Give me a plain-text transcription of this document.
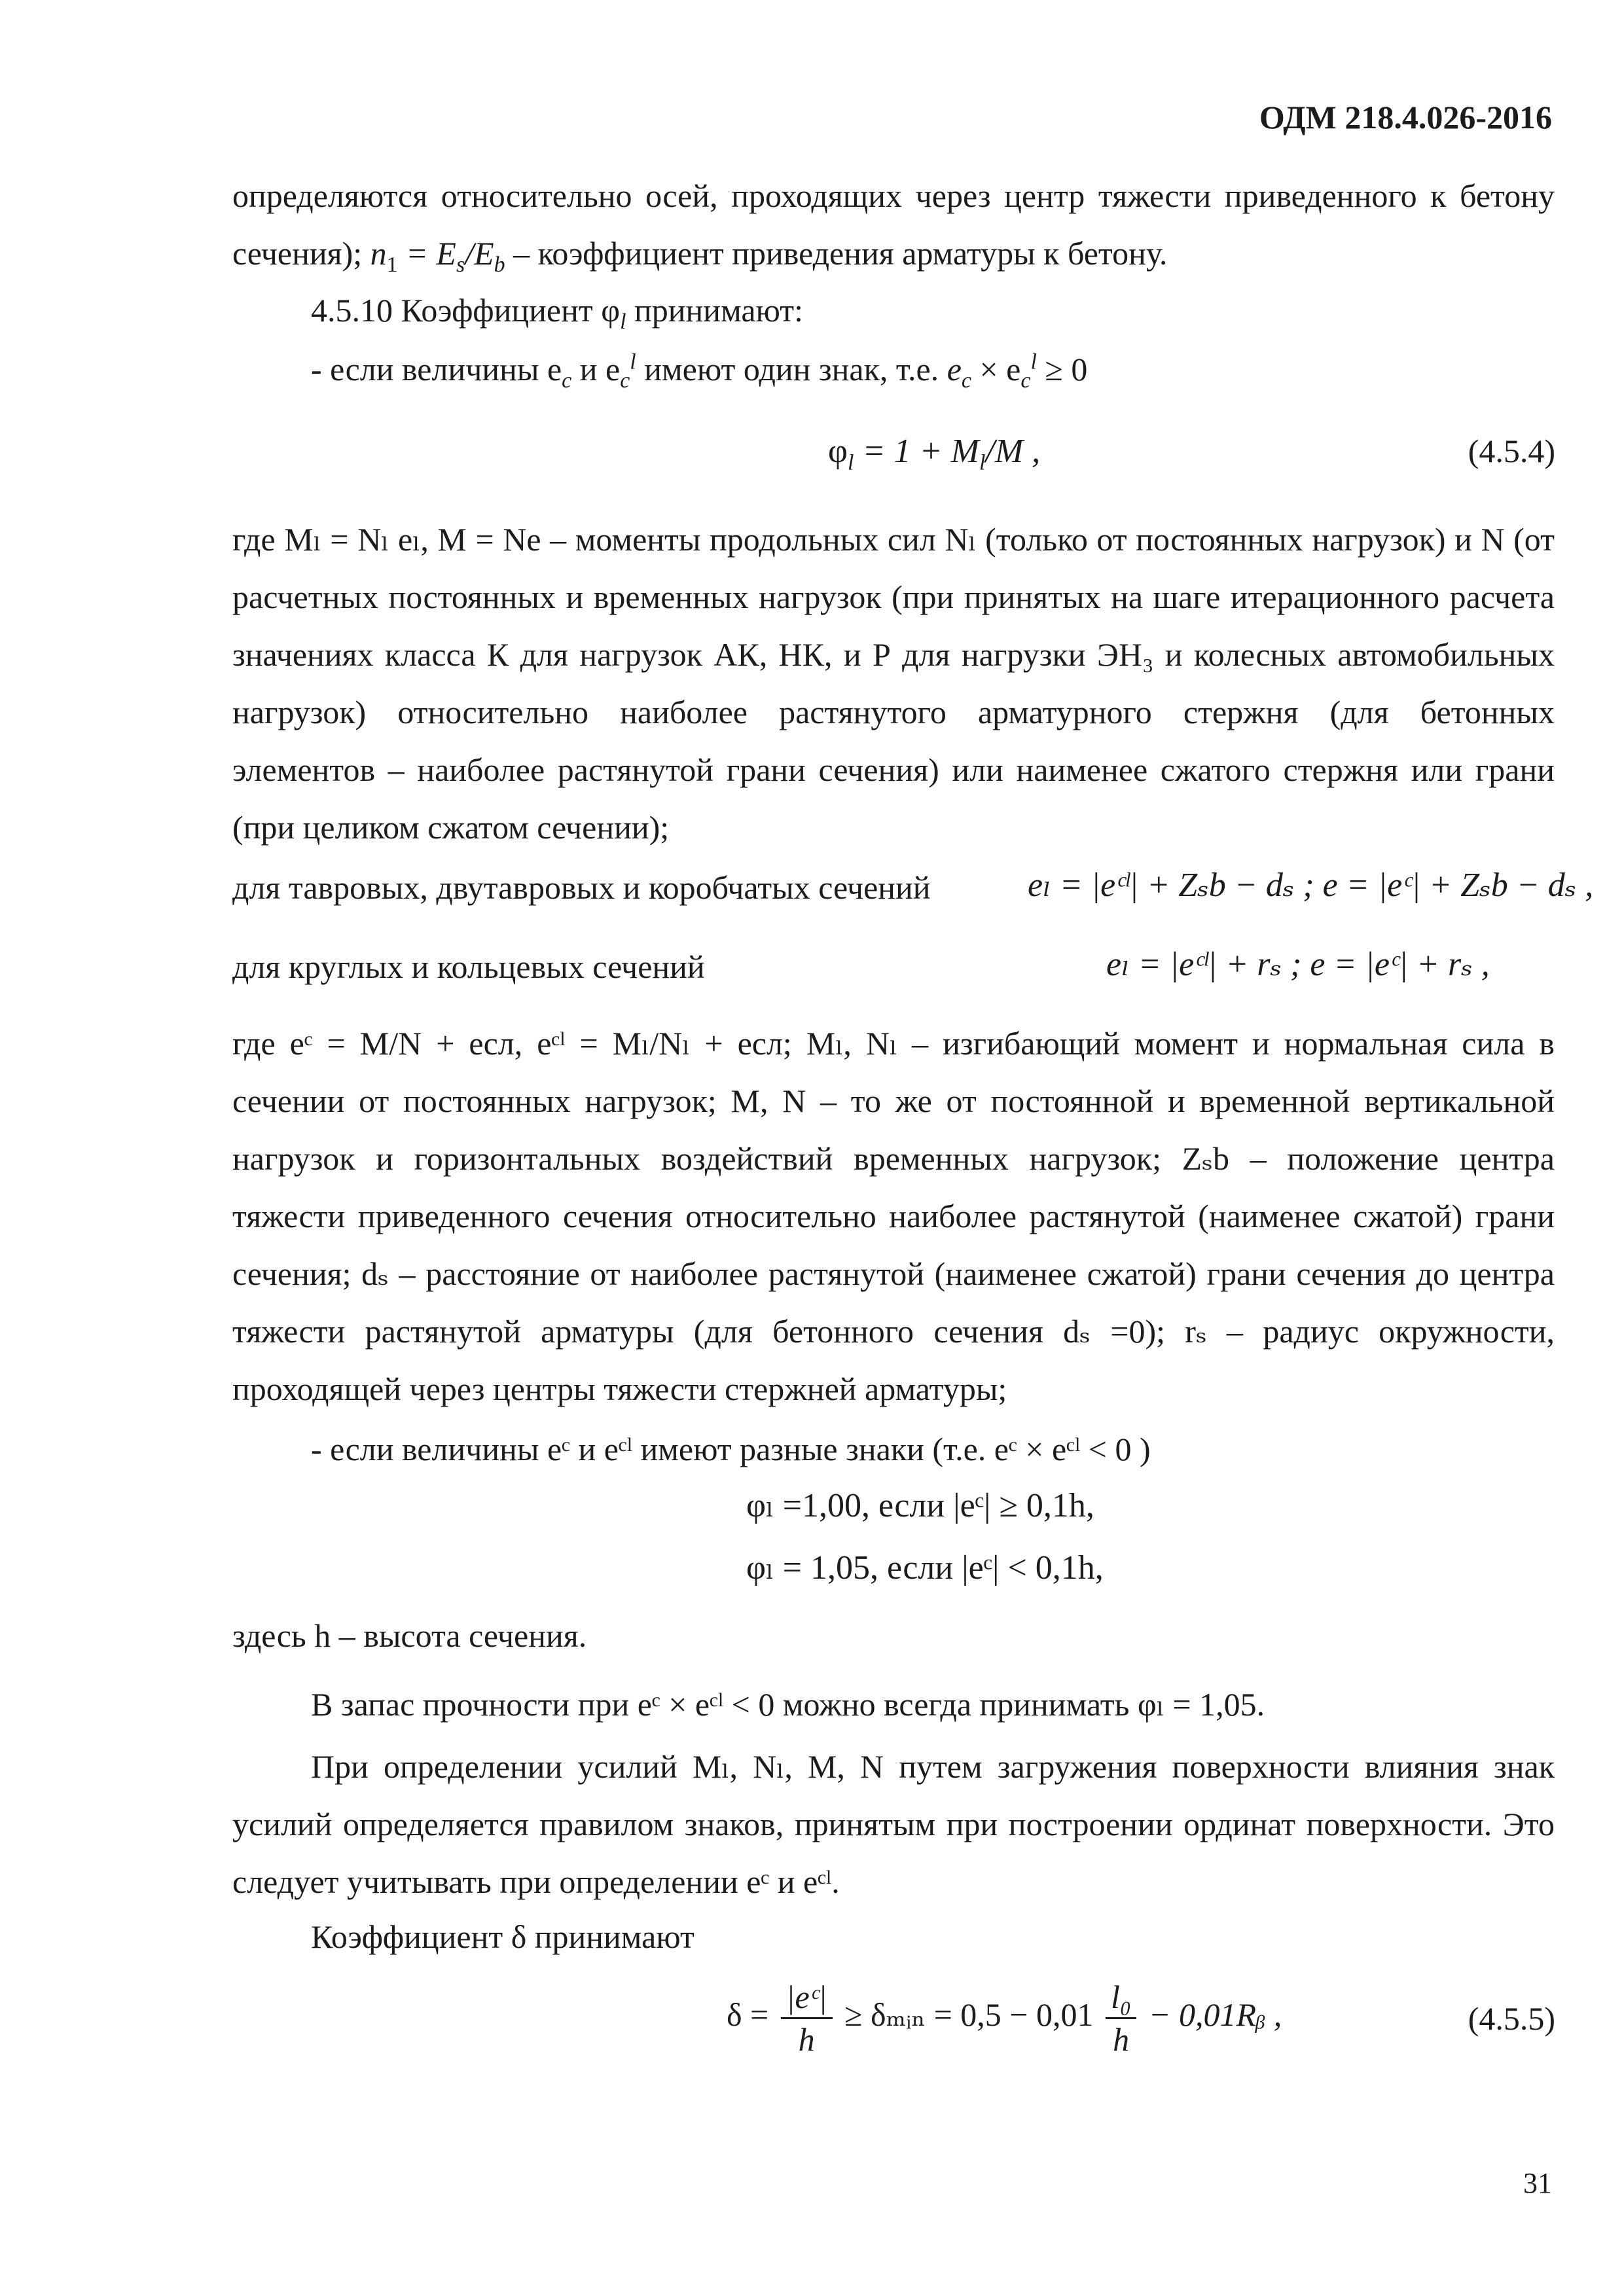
ОДМ 218.4.026-2016
определяются относительно осей, проходящих через центр тяжести приведенного к бетону
сечения); $n_1 = E_s/E_b$ – коэффициент приведения арматуры к бетону.
4.5.10 Коэффициент $\varphi_l$ принимают:
- если величины $e_c$ и $e_c^l$ имеют один знак, т.е. $e_c \times e_c^l \ge 0$
$\varphi_l = 1 + M_l/M$ ,	(4.5.4)
где Mₗ = Nₗ eₗ, M = Ne – моменты продольных сил Nₗ (только от постоянных нагрузок) и N (от
расчетных постоянных и временных нагрузок (при принятых на шаге итерационного расчета
значениях класса К для нагрузок АК, НК, и Р для нагрузки ЭН₃ и колесных автомобильных
нагрузок) относительно наиболее растянутого арматурного стержня (для бетонных
элементов – наиболее растянутой грани сечения) или наименее сжатого стержня или грани
(при целиком сжатом сечении);
для тавровых, двутавровых и коробчатых сечений	eₗ = |eᶜˡ| + Zₛb − dₛ ; e = |eᶜ| + Zₛb − dₛ ,
для круглых и кольцевых сечений	eₗ = |eᶜˡ| + rₛ ; e = |eᶜ| + rₛ ,
где eᶜ = M/N + eсл, eᶜˡ = Mₗ/Nₗ + eсл; Mₗ, Nₗ – изгибающий момент и нормальная сила в
сечении от постоянных нагрузок; M, N – то же от постоянной и временной вертикальной
нагрузок и горизонтальных воздействий временных нагрузок; Zₛb – положение центра
тяжести приведенного сечения относительно наиболее растянутой (наименее сжатой) грани
сечения; dₛ – расстояние от наиболее растянутой (наименее сжатой) грани сечения до центра
тяжести растянутой арматуры (для бетонного сечения dₛ =0); rₛ – радиус окружности,
проходящей через центры тяжести стержней арматуры;
- если величины eᶜ и eᶜˡ имеют разные знаки (т.е. eᶜ × eᶜˡ < 0 )
φₗ =1,00, если |eᶜ| ≥ 0,1h,
φₗ = 1,05, если |eᶜ| < 0,1h,
здесь h – высота сечения.
В запас прочности при eᶜ × eᶜˡ < 0 можно всегда принимать φₗ = 1,05.
При определении усилий Mₗ, Nₗ, M, N путем загружения поверхности влияния знак
усилий определяется правилом знаков, принятым при построении ординат поверхности. Это
следует учитывать при определении eᶜ и eᶜˡ.
Коэффициент δ принимают
$\delta = \frac{\text{|eᶜ|}}{h}$ ≥ δₘᵢₙ = $0,5 - 0,01 \frac{\text{l₀}}{h}$ − 0,01Rᵦ ,	(4.5.5)
31
